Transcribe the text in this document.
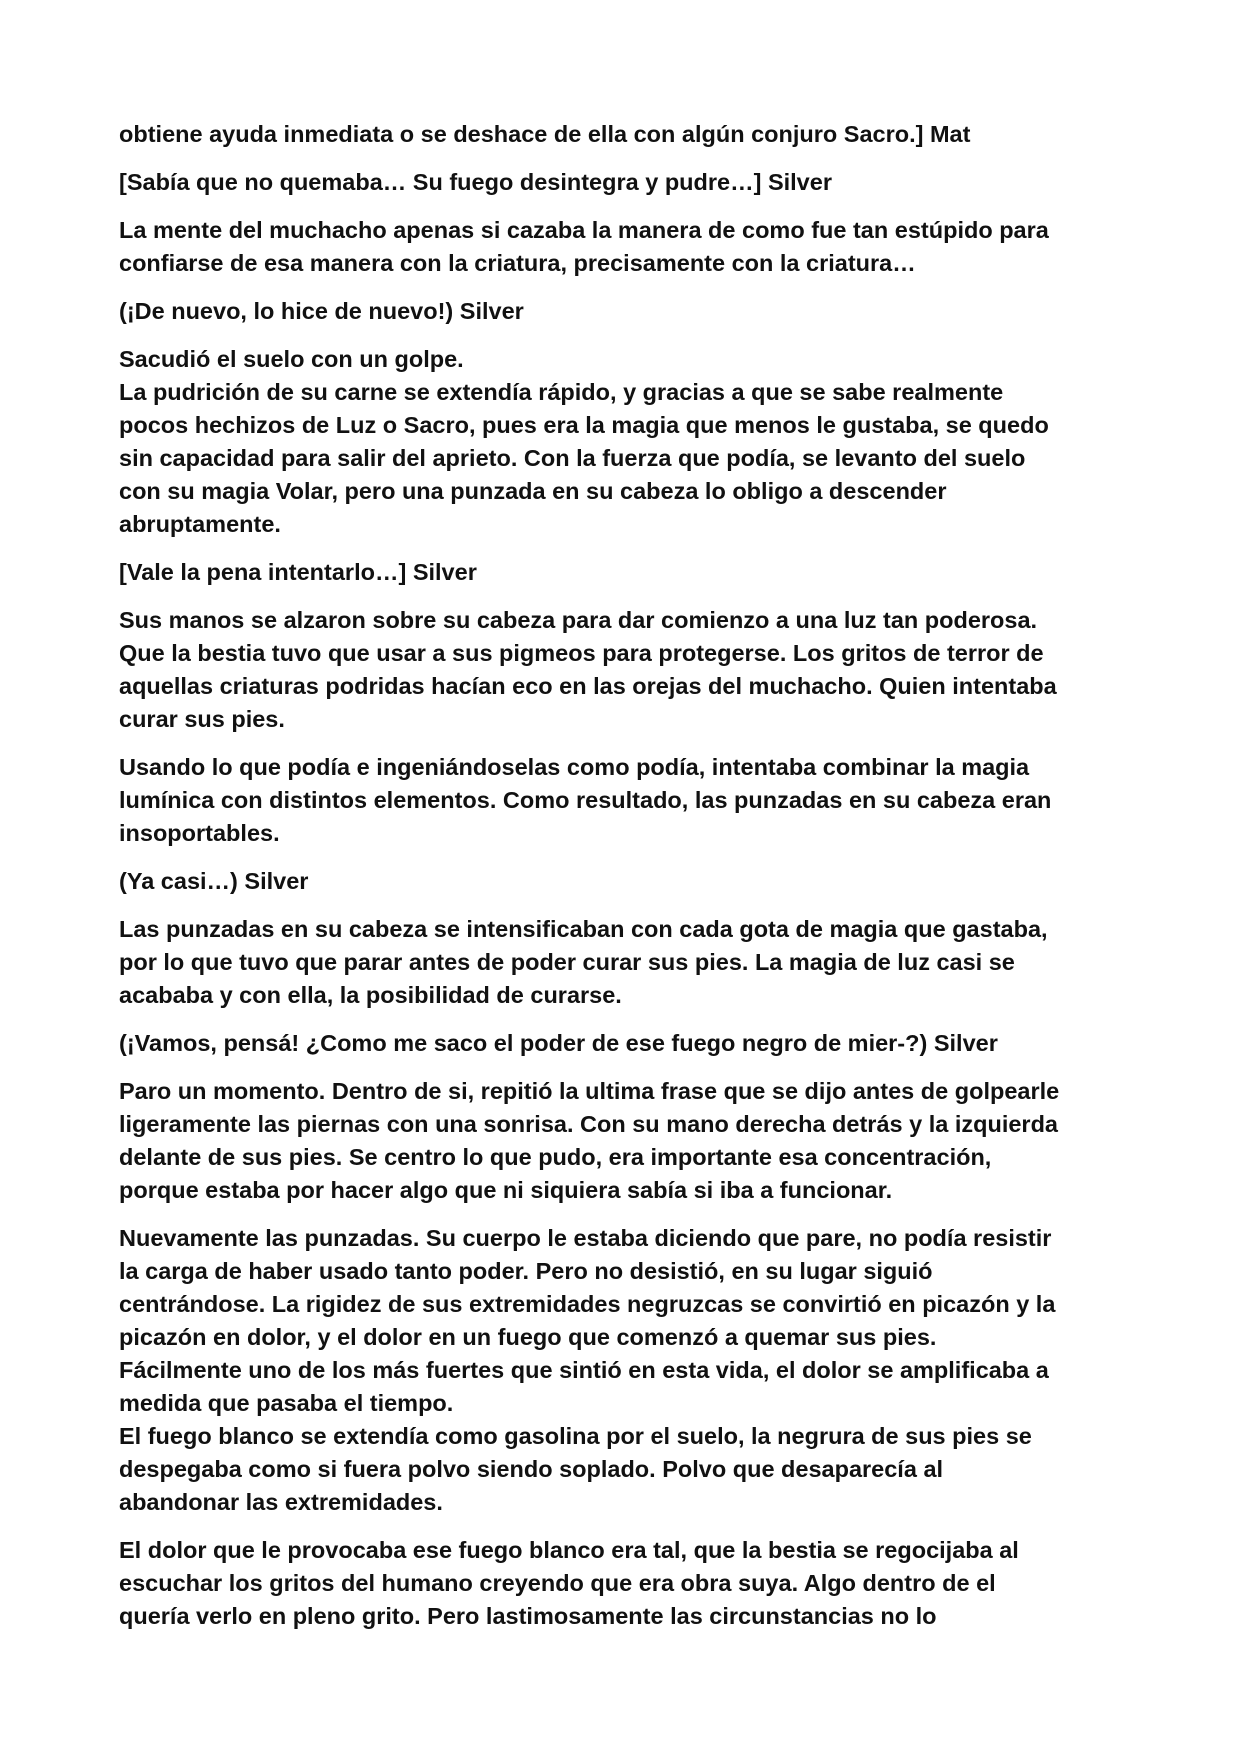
obtiene ayuda inmediata o se deshace de ella con algún conjuro Sacro.] Mat

[Sabía que no quemaba… Su fuego desintegra y pudre…] Silver

La mente del muchacho apenas si cazaba la manera de como fue tan estúpido para
confiarse de esa manera con la criatura, precisamente con la criatura…

(¡De nuevo, lo hice de nuevo!) Silver

Sacudió el suelo con un golpe.
La pudrición de su carne se extendía rápido, y gracias a que se sabe realmente
pocos hechizos de Luz o Sacro, pues era la magia que menos le gustaba, se quedo
sin capacidad para salir del aprieto. Con la fuerza que podía, se levanto del suelo
con su magia Volar, pero una punzada en su cabeza lo obligo a descender
abruptamente.

[Vale la pena intentarlo…] Silver

Sus manos se alzaron sobre su cabeza para dar comienzo a una luz tan poderosa.
Que la bestia tuvo que usar a sus pigmeos para protegerse. Los gritos de terror de
aquellas criaturas podridas hacían eco en las orejas del muchacho. Quien intentaba
curar sus pies.

Usando lo que podía e ingeniándoselas como podía, intentaba combinar la magia
lumínica con distintos elementos. Como resultado, las punzadas en su cabeza eran
insoportables.

(Ya casi…) Silver

Las punzadas en su cabeza se intensificaban con cada gota de magia que gastaba,
por lo que tuvo que parar antes de poder curar sus pies. La magia de luz casi se
acababa y con ella, la posibilidad de curarse.

(¡Vamos, pensá! ¿Como me saco el poder de ese fuego negro de mier-?) Silver

Paro un momento. Dentro de si, repitió la ultima frase que se dijo antes de golpearle
ligeramente las piernas con una sonrisa. Con su mano derecha detrás y la izquierda
delante de sus pies. Se centro lo que pudo, era importante esa concentración,
porque estaba por hacer algo que ni siquiera sabía si iba a funcionar.

Nuevamente las punzadas. Su cuerpo le estaba diciendo que pare, no podía resistir
la carga de haber usado tanto poder. Pero no desistió, en su lugar siguió
centrándose. La rigidez de sus extremidades negruzcas se convirtió en picazón y la
picazón en dolor, y el dolor en un fuego que comenzó a quemar sus pies.
Fácilmente uno de los más fuertes que sintió en esta vida, el dolor se amplificaba a
medida que pasaba el tiempo.
El fuego blanco se extendía como gasolina por el suelo, la negrura de sus pies se
despegaba como si fuera polvo siendo soplado. Polvo que desaparecía al
abandonar las extremidades.

El dolor que le provocaba ese fuego blanco era tal, que la bestia se regocijaba al
escuchar los gritos del humano creyendo que era obra suya. Algo dentro de el
quería verlo en pleno grito. Pero lastimosamente las circunstancias no lo
